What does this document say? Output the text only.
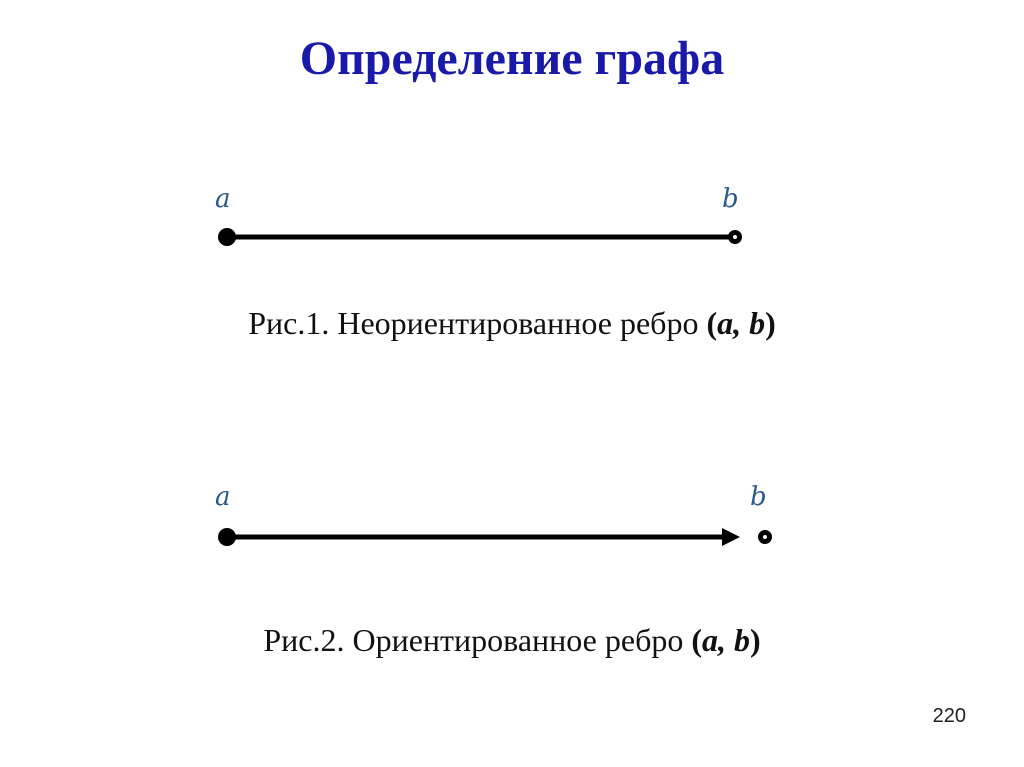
Определение графа
a	b
Рис.1. Неориентированное ребро (a, b)
a	b
Рис.2. Ориентированное ребро (a, b)
220
